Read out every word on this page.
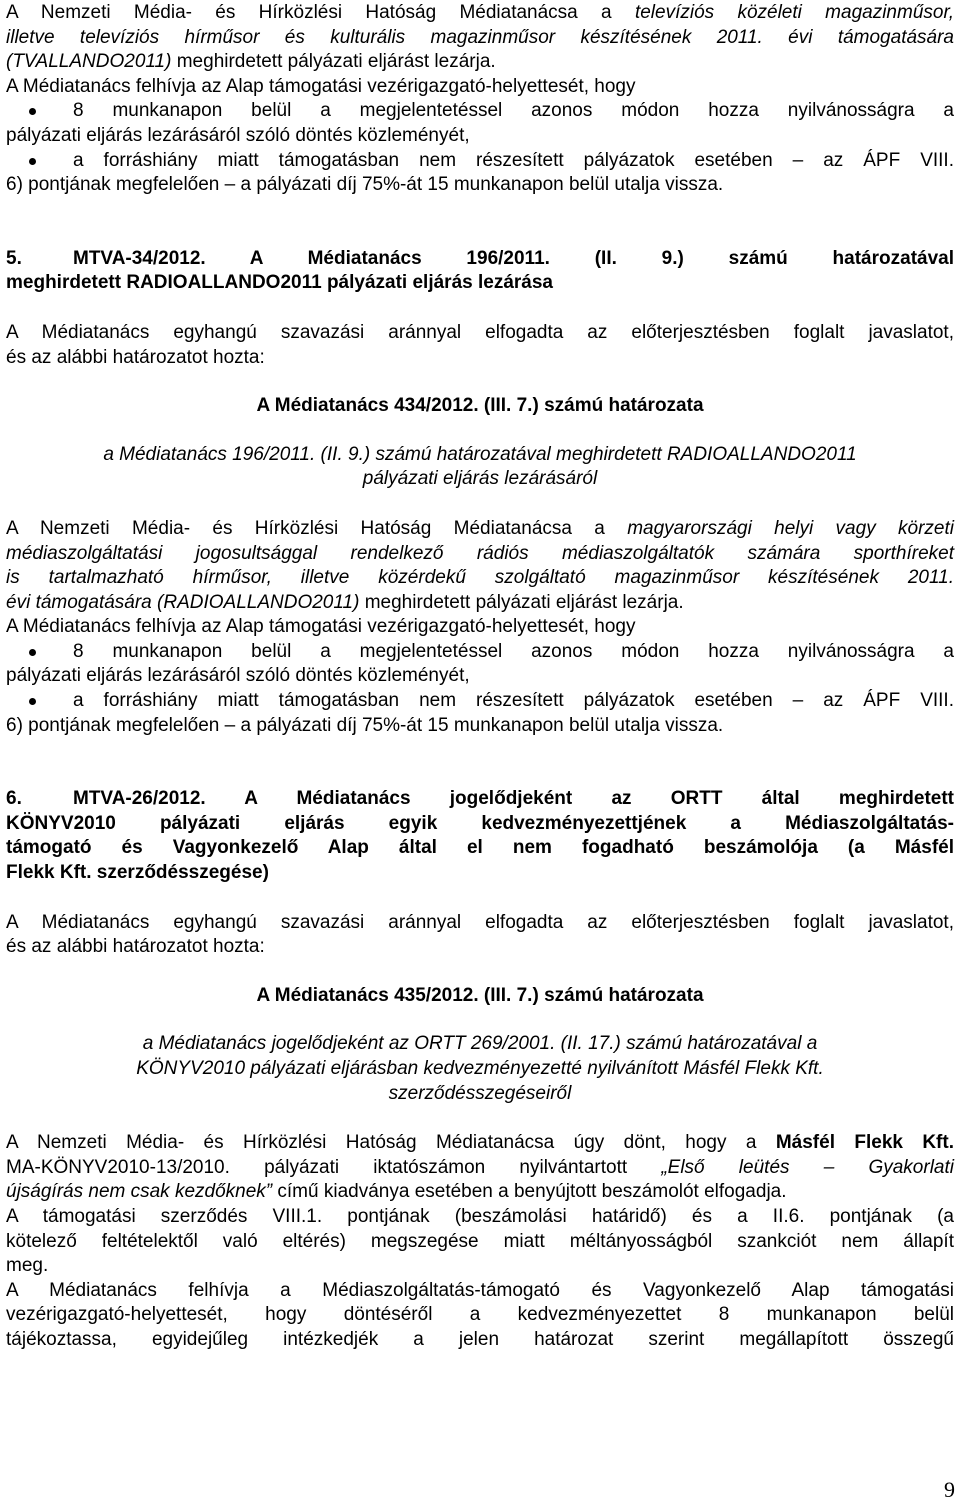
A Nemzeti Média- és Hírközlési Hatóság Médiatanácsa a televíziós közéleti magazinműsor,
illetve televíziós hírműsor és kulturális magazinműsor készítésének 2011. évi támogatására
(TVALLANDO2011) meghirdetett pályázati eljárást lezárja.
A Médiatanács felhívja az Alap támogatási vezérigazgató-helyettesét, hogy

8 munkanapon belül a megjelentetéssel azonos módon hozza nyilvánosságra a
pályázati eljárás lezárásáról szóló döntés közleményét,
a forráshiány miatt támogatásban nem részesített pályázatok esetében – az ÁPF VIII.
6) pontjának megfelelően – a pályázati díj 75%-át 15 munkanapon belül utalja vissza.
5.	MTVA-34/2012. A Médiatanács 196/2011. (II. 9.) számú határozatával
meghirdetett RADIOALLANDO2011 pályázati eljárás lezárása

A Médiatanács egyhangú szavazási aránnyal elfogadta az előterjesztésben foglalt javaslatot,
és az alábbi határozatot hozta:

A Médiatanács 434/2012. (III. 7.) számú határozata

a Médiatanács 196/2011. (II. 9.) számú határozatával meghirdetett RADIOALLANDO2011
pályázati eljárás lezárásáról

A Nemzeti Média- és Hírközlési Hatóság Médiatanácsa a magyarországi helyi vagy körzeti
médiaszolgáltatási jogosultsággal rendelkező rádiós médiaszolgáltatók számára sporthíreket
is tartalmazható hírműsor, illetve közérdekű szolgáltató magazinműsor készítésének 2011.
évi támogatására (RADIOALLANDO2011) meghirdetett pályázati eljárást lezárja.
A Médiatanács felhívja az Alap támogatási vezérigazgató-helyettesét, hogy

8 munkanapon belül a megjelentetéssel azonos módon hozza nyilvánosságra a
pályázati eljárás lezárásáról szóló döntés közleményét,
a forráshiány miatt támogatásban nem részesített pályázatok esetében – az ÁPF VIII.
6) pontjának megfelelően – a pályázati díj 75%-át 15 munkanapon belül utalja vissza.
6.	MTVA-26/2012. A Médiatanács jogelődjeként az ORTT által meghirdetett
KÖNYV2010 pályázati eljárás egyik kedvezményezettjének a Médiaszolgáltatás-
támogató és Vagyonkezelő Alap által el nem fogadható beszámolója (a Másfél
Flekk Kft. szerződésszegése)

A Médiatanács egyhangú szavazási aránnyal elfogadta az előterjesztésben foglalt javaslatot,
és az alábbi határozatot hozta:

A Médiatanács 435/2012. (III. 7.) számú határozata

a Médiatanács jogelődjeként az ORTT 269/2001. (II. 17.) számú határozatával a
KÖNYV2010 pályázati eljárásban kedvezményezetté nyilvánított Másfél Flekk Kft.
szerződésszegéseiről

A Nemzeti Média- és Hírközlési Hatóság Médiatanácsa úgy dönt, hogy a Másfél Flekk Kft.
MA-KÖNYV2010-13/2010. pályázati iktatószámon nyilvántartott „Első leütés – Gyakorlati
újságírás nem csak kezdőknek” című kiadványa esetében a benyújtott beszámolót elfogadja.

A támogatási szerződés VIII.1. pontjának (beszámolási határidő) és a II.6. pontjának (a
kötelező feltételektől való eltérés) megszegése miatt méltányosságból szankciót nem állapít
meg.

A Médiatanács felhívja a Médiaszolgáltatás-támogató és Vagyonkezelő Alap támogatási
vezérigazgató-helyettesét, hogy döntéséről a kedvezményezettet 8 munkanapon belül
tájékoztassa, egyidejűleg intézkedjék a jelen határozat szerint megállapított összegű

9
